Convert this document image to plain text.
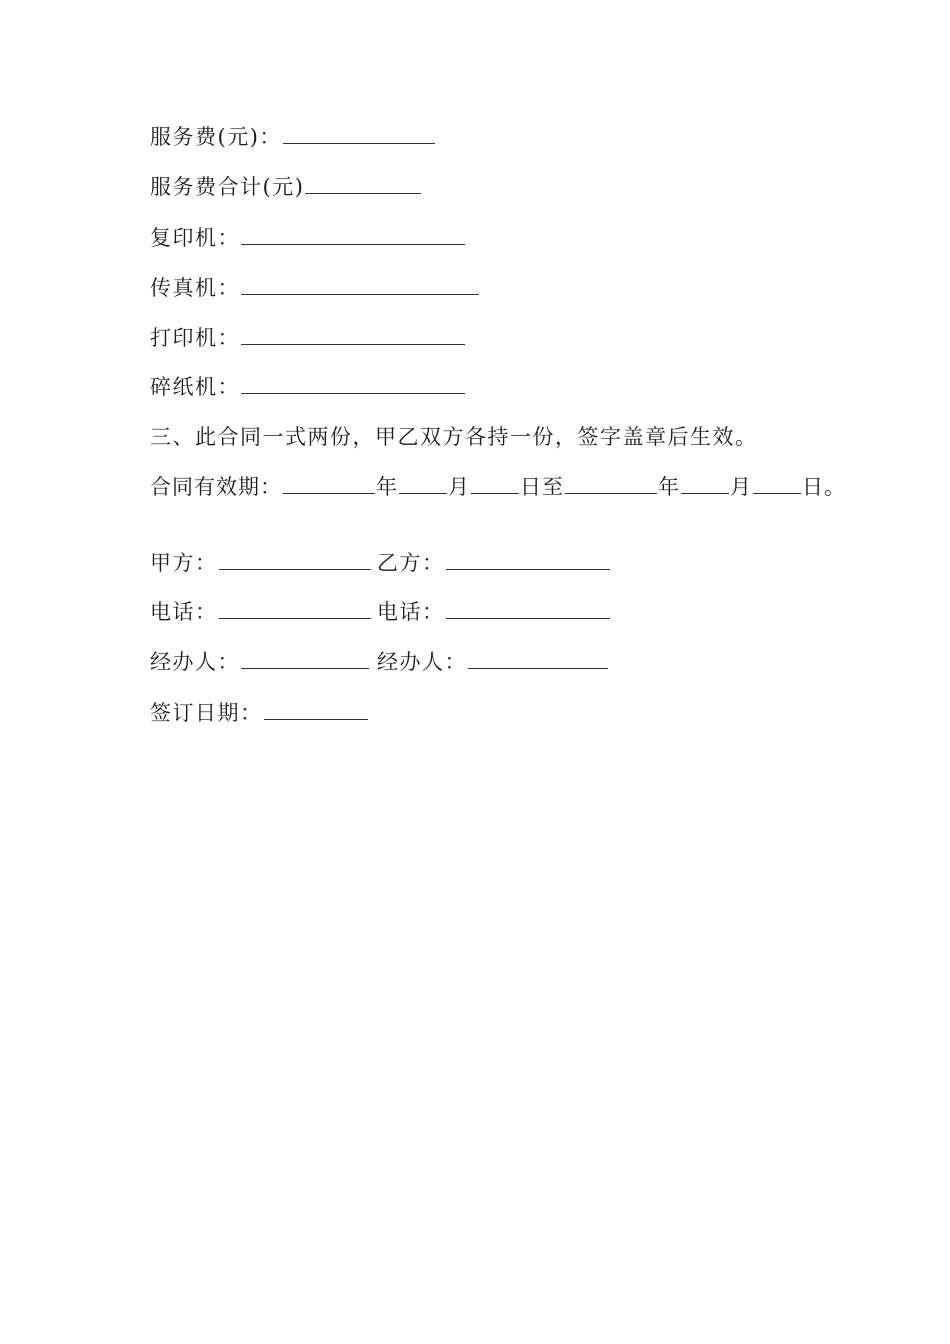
服务费(元)：
服务费合计(元)
复印机：
传真机：
打印机：
碎纸机：
三、此合同一式两份，甲乙双方各持一份，签字盖章后生效。
合同有效期：	年 月 日至	年 月 日。
甲方：	乙方：
电话：	电话：
经办人：	经办人：
签订日期：
